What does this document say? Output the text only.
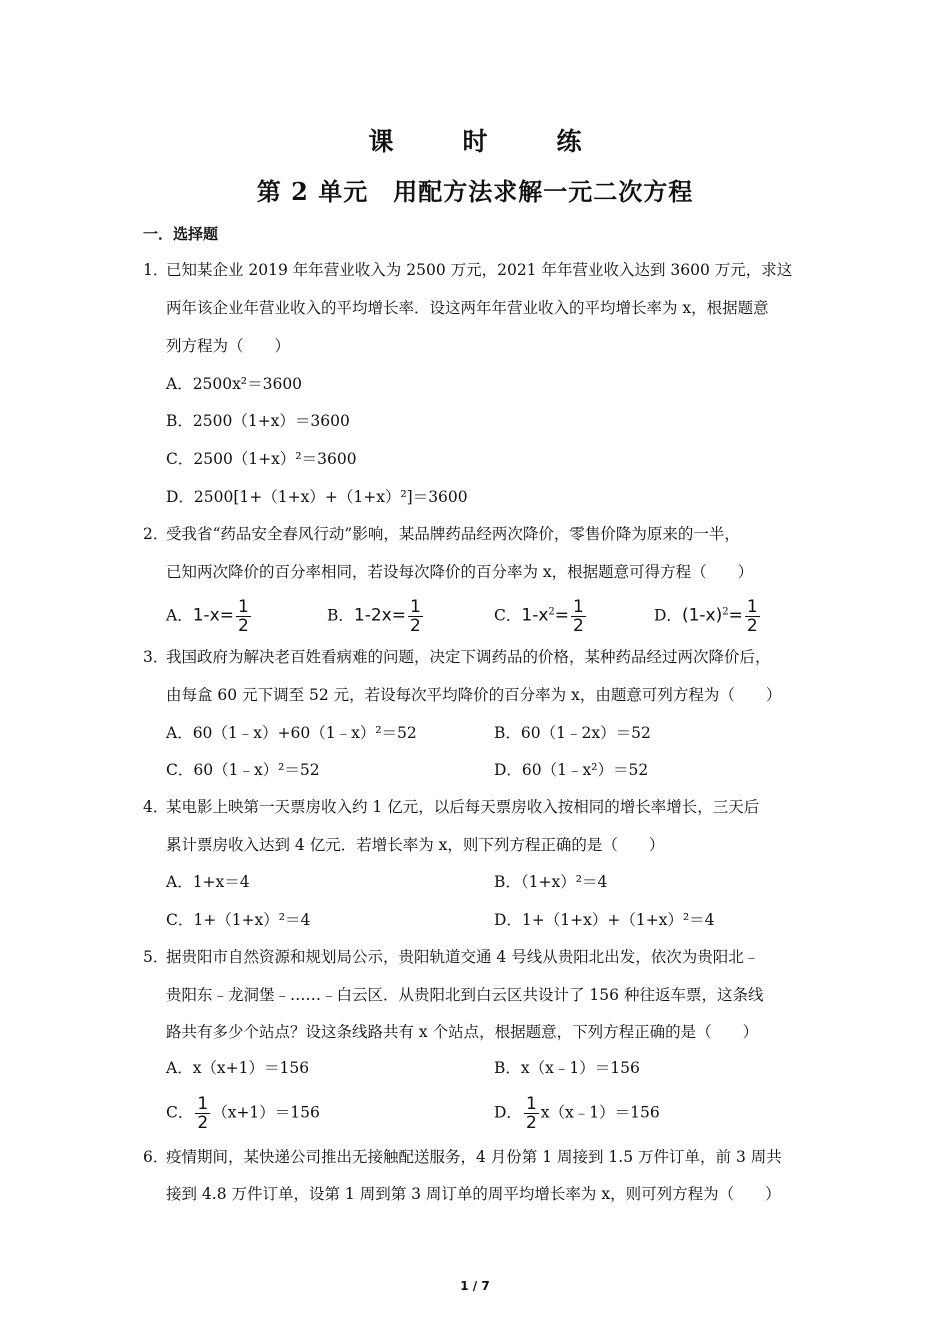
课　时　练
第 2 单元　用配方法求解一元二次方程
一．选择题
1．
已知某企业 2019 年年营业收入为 2500 万元，2021 年年营业收入达到 3600 万元，求这
两年该企业年营业收入的平均增长率．设这两年年营业收入的平均增长率为 x，根据题意
列方程为（　　）
A．2500x²＝3600
B．2500（1+x）＝3600
C．2500（1+x）²＝3600
D．2500[1+（1+x）+（1+x）²]＝3600
2．
受我省“药品安全春风行动”影响，某品牌药品经两次降价，零售价降为原来的一半，
已知两次降价的百分率相同，若设每次降价的百分率为 x，根据题意可得方程（　　）
A．$1-x= \frac{1}{2}$	B．$1-2x= \frac{1}{2}$	C．$1-x^2= \frac{1}{2}$	D．$(1-x)^2= \frac{1}{2}$
3．
我国政府为解决老百姓看病难的问题，决定下调药品的价格，某种药品经过两次降价后，
由每盒 60 元下调至 52 元，若设每次平均降价的百分率为 x，由题意可列方程为（　　）
A．60（1﹣x）+60（1﹣x）²＝52	B．60（1﹣2x）＝52
C．60（1﹣x）²＝52	D．60（1﹣x²）＝52
4．
某电影上映第一天票房收入约 1 亿元，以后每天票房收入按相同的增长率增长，三天后
累计票房收入达到 4 亿元．若增长率为 x，则下列方程正确的是（　　）
A．1+x＝4	B．（1+x）²＝4
C．1+（1+x）²＝4	D．1+（1+x）+（1+x）²＝4
5．
据贵阳市自然资源和规划局公示，贵阳轨道交通 4 号线从贵阳北出发，依次为贵阳北﹣
贵阳东﹣龙洞堡﹣……﹣白云区．从贵阳北到白云区共设计了 156 种往返车票，这条线
路共有多少个站点？设这条线路共有 x 个站点，根据题意，下列方程正确的是（　　）
A．x（x+1）＝156	B．x（x﹣1）＝156
C． $\frac{1}{2} (x+1)=156$	D． $\frac{1}{2}$ x（x﹣1）＝156
6．
疫情期间，某快递公司推出无接触配送服务，4 月份第 1 周接到 1.5 万件订单，前 3 周共
接到 4.8 万件订单，设第 1 周到第 3 周订单的周平均增长率为 x，则可列方程为（　　）
1 / 7
